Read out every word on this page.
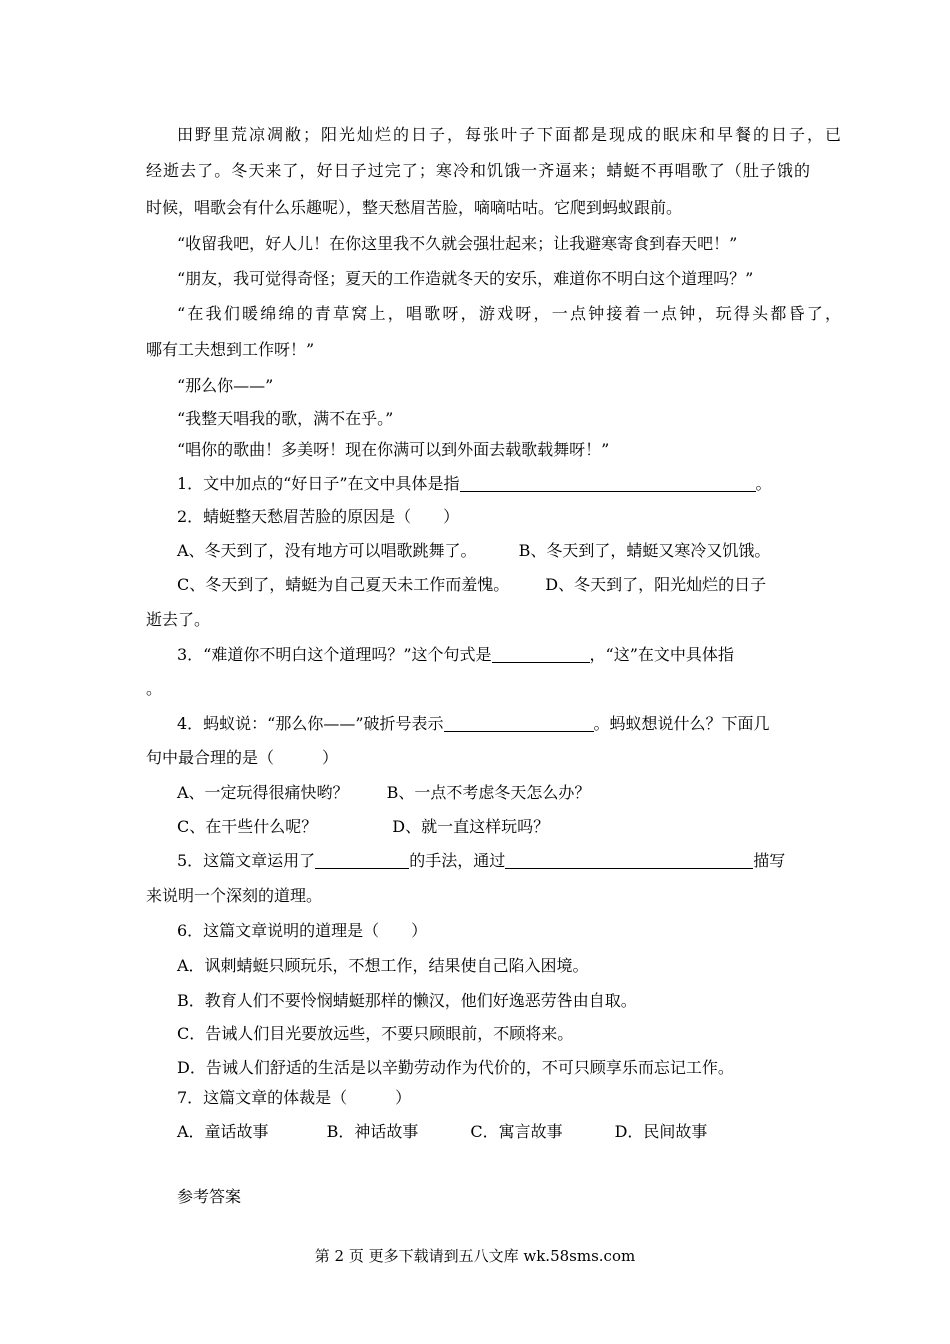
田野里荒凉凋敝；阳光灿烂的日子，每张叶子下面都是现成的眠床和早餐的日子，已
经逝去了。冬天来了，好日子过完了；寒冷和饥饿一齐逼来；蜻蜓不再唱歌了（肚子饿的
时候，唱歌会有什么乐趣呢），整天愁眉苦脸，嘀嘀咕咕。它爬到蚂蚁跟前。
“收留我吧，好人儿！在你这里我不久就会强壮起来；让我避寒寄食到春天吧！”
“朋友，我可觉得奇怪；夏天的工作造就冬天的安乐，难道你不明白这个道理吗？”
“在我们暖绵绵的青草窝上，唱歌呀，游戏呀，一点钟接着一点钟，玩得头都昏了，
哪有工夫想到工作呀！”
“那么你——”
“我整天唱我的歌，满不在乎。”
“唱你的歌曲！多美呀！现在你满可以到外面去载歌载舞呀！”
1．文中加点的“好日子”在文中具体是指	。
2．蜻蜓整天愁眉苦脸的原因是（　　）
A、冬天到了，没有地方可以唱歌跳舞了。	B、冬天到了，蜻蜓又寒冷又饥饿。
C、冬天到了，蜻蜓为自己夏天未工作而羞愧。 D、冬天到了，阳光灿烂的日子
逝去了。
3．“难道你不明白这个道理吗？”这个句式是	，“这”在文中具体指
。
4．蚂蚁说：“那么你——”破折号表示	。蚂蚁想说什么？下面几
句中最合理的是（　　　）
A、一定玩得很痛快哟？ B、一点不考虑冬天怎么办？
C、在干些什么呢？	D、就一直这样玩吗？
5．这篇文章运用了	的手法，通过	描写
来说明一个深刻的道理。
6．这篇文章说明的道理是（　　）
A．讽刺蜻蜓只顾玩乐，不想工作，结果使自己陷入困境。
B．教育人们不要怜悯蜻蜓那样的懒汉，他们好逸恶劳咎由自取。
C．告诫人们目光要放远些，不要只顾眼前，不顾将来。
D．告诫人们舒适的生活是以辛勤劳动作为代价的，不可只顾享乐而忘记工作。
7．这篇文章的体裁是（　　　）
A．童话故事	B．神话故事	C．寓言故事	D．民间故事
参考答案
第 2 页 更多下载请到五八文库 wk.58sms.com
